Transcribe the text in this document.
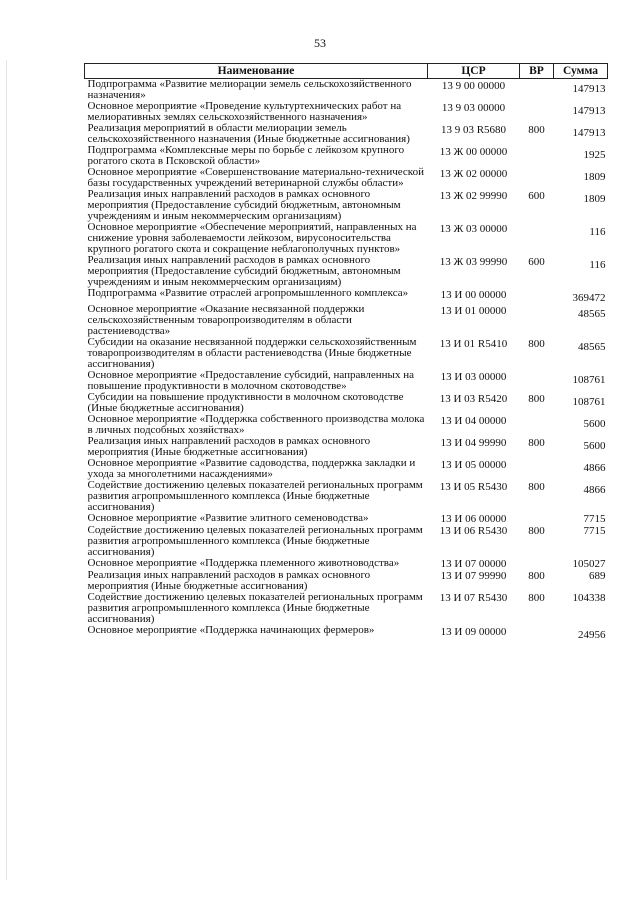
53
Наименование	ЦСР	ВР	Сумма
Подпрограмма «Развитие мелиорации земель сельскохозяйственного назначения»	13 9 00 00000		147913
Основное мероприятие «Проведение культуртехнических работ на мелиоративных землях сельскохозяйственного назначения»	13 9 03 00000		147913
Реализация мероприятий в области мелиорации земель сельскохозяйственного назначения (Иные бюджетные ассигнования)	13 9 03 R5680	800	147913
Подпрограмма «Комплексные меры по борьбе с лейкозом крупного рогатого скота в Псковской области»	13 Ж 00 00000		1925
Основное мероприятие «Совершенствование материально-технической базы государственных учреждений ветеринарной службы области»	13 Ж 02 00000		1809
Реализация иных направлений расходов в рамках основного мероприятия (Предоставление субсидий бюджетным, автономным учреждениям и иным некоммерческим организациям)	13 Ж 02 99990	600	1809
Основное мероприятие «Обеспечение мероприятий, направленных на снижение уровня заболеваемости лейкозом, вирусоносительства крупного рогатого скота и сокращение неблагополучных пунктов»	13 Ж 03 00000		116
Реализация иных направлений расходов в рамках основного мероприятия (Предоставление субсидий бюджетным, автономным учреждениям и иным некоммерческим организациям)	13 Ж 03 99990	600	116
Подпрограмма «Развитие отраслей агропромышленного комплекса»	13 И 00 00000		369472
Основное мероприятие «Оказание несвязанной поддержки сельскохозяйственным товаропроизводителям в области растениеводства»	13 И 01 00000		48565
Субсидии на оказание несвязанной поддержки сельскохозяйственным товаропроизводителям в области растениеводства (Иные бюджетные ассигнования)	13 И 01 R5410	800	48565
Основное мероприятие «Предоставление субсидий, направленных на повышение продуктивности в молочном скотоводстве»	13 И 03 00000		108761
Субсидии на повышение продуктивности в молочном скотоводстве (Иные бюджетные ассигнования)	13 И 03 R5420	800	108761
Основное мероприятие «Поддержка собственного производства молока в личных подсобных хозяйствах»	13 И 04 00000		5600
Реализация иных направлений расходов в рамках основного мероприятия (Иные бюджетные ассигнования)	13 И 04 99990	800	5600
Основное мероприятие «Развитие садоводства, поддержка закладки и ухода за многолетними насаждениями»	13 И 05 00000		4866
Содействие достижению целевых показателей региональных программ развития агропромышленного комплекса (Иные бюджетные ассигнования)	13 И 05 R5430	800	4866
Основное мероприятие «Развитие элитного семеноводства»	13 И 06 00000		7715
Содействие достижению целевых показателей региональных программ развития агропромышленного комплекса (Иные бюджетные ассигнования)	13 И 06 R5430	800	7715
Основное мероприятие «Поддержка племенного животноводства»	13 И 07 00000		105027
Реализация иных направлений расходов в рамках основного мероприятия (Иные бюджетные ассигнования)	13 И 07 99990	800	689
Содействие достижению целевых показателей региональных программ развития агропромышленного комплекса (Иные бюджетные ассигнования)	13 И 07 R5430	800	104338
Основное мероприятие «Поддержка начинающих фермеров»	13 И 09 00000		24956
